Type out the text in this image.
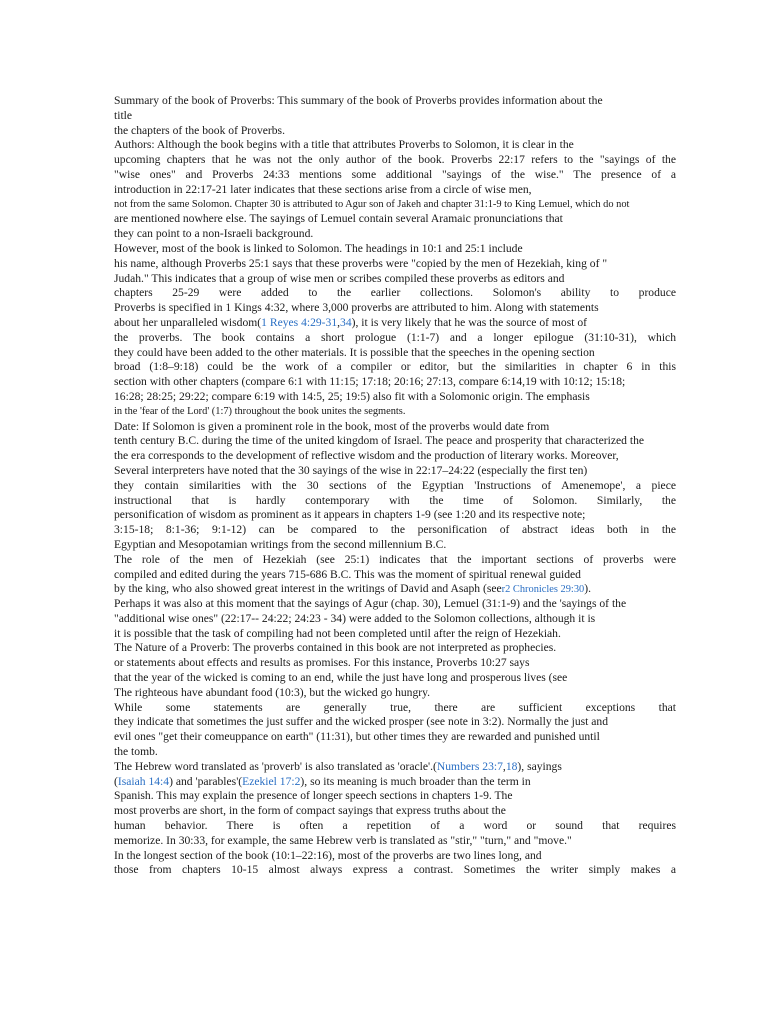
Summary of the book of Proverbs: This summary of the book of Proverbs provides information about the
title
the chapters of the book of Proverbs.
Authors: Although the book begins with a title that attributes Proverbs to Solomon, it is clear in the
upcoming chapters that he was not the only author of the book. Proverbs 22:17 refers to the "sayings of the
"wise ones" and Proverbs 24:33 mentions some additional "sayings of the wise." The presence of a
introduction in 22:17-21 later indicates that these sections arise from a circle of wise men,
not from the same Solomon. Chapter 30 is attributed to Agur son of Jakeh and chapter 31:1-9 to King Lemuel, which do not
are mentioned nowhere else. The sayings of Lemuel contain several Aramaic pronunciations that
they can point to a non-Israeli background.
However, most of the book is linked to Solomon. The headings in 10:1 and 25:1 include
his name, although Proverbs 25:1 says that these proverbs were "copied by the men of Hezekiah, king of "
Judah." This indicates that a group of wise men or scribes compiled these proverbs as editors and
chapters 25-29 were added to the earlier collections. Solomon's ability to produce
Proverbs is specified in 1 Kings 4:32, where 3,000 proverbs are attributed to him. Along with statements
about her unparalleled wisdom(1 Reyes 4:29-31,34), it is very likely that he was the source of most of
the proverbs. The book contains a short prologue (1:1-7) and a longer epilogue (31:10-31), which
they could have been added to the other materials. It is possible that the speeches in the opening section
broad (1:8–9:18) could be the work of a compiler or editor, but the similarities in chapter 6 in this
section with other chapters (compare 6:1 with 11:15; 17:18; 20:16; 27:13, compare 6:14,19 with 10:12; 15:18;
16:28; 28:25; 29:22; compare 6:19 with 14:5, 25; 19:5) also fit with a Solomonic origin. The emphasis
in the 'fear of the Lord' (1:7) throughout the book unites the segments.
Date: If Solomon is given a prominent role in the book, most of the proverbs would date from
tenth century B.C. during the time of the united kingdom of Israel. The peace and prosperity that characterized the
the era corresponds to the development of reflective wisdom and the production of literary works. Moreover,
Several interpreters have noted that the 30 sayings of the wise in 22:17–24:22 (especially the first ten)
they contain similarities with the 30 sections of the Egyptian 'Instructions of Amenemope', a piece
instructional that is hardly contemporary with the time of Solomon. Similarly, the
personification of wisdom as prominent as it appears in chapters 1-9 (see 1:20 and its respective note;
3:15-18; 8:1-36; 9:1-12) can be compared to the personification of abstract ideas both in the
Egyptian and Mesopotamian writings from the second millennium B.C.
The role of the men of Hezekiah (see 25:1) indicates that the important sections of proverbs were
compiled and edited during the years 715-686 B.C. This was the moment of spiritual renewal guided
by the king, who also showed great interest in the writings of David and Asaph (seer2 Chronicles 29:30).
Perhaps it was also at this moment that the sayings of Agur (chap. 30), Lemuel (31:1-9) and the 'sayings of the
"additional wise ones" (22:17-- 24:22; 24:23 - 34) were added to the Solomon collections, although it is
it is possible that the task of compiling had not been completed until after the reign of Hezekiah.
The Nature of a Proverb: The proverbs contained in this book are not interpreted as prophecies.
or statements about effects and results as promises. For this instance, Proverbs 10:27 says
that the year of the wicked is coming to an end, while the just have long and prosperous lives (see
The righteous have abundant food (10:3), but the wicked go hungry.
While some statements are generally true, there are sufficient exceptions that
they indicate that sometimes the just suffer and the wicked prosper (see note in 3:2). Normally the just and
evil ones "get their comeuppance on earth" (11:31), but other times they are rewarded and punished until
the tomb.
The Hebrew word translated as 'proverb' is also translated as 'oracle'.(Numbers 23:7,18), sayings
(Isaiah 14:4) and 'parables'(Ezekiel 17:2), so its meaning is much broader than the term in
Spanish. This may explain the presence of longer speech sections in chapters 1-9. The
most proverbs are short, in the form of compact sayings that express truths about the
human behavior. There is often a repetition of a word or sound that requires
memorize. In 30:33, for example, the same Hebrew verb is translated as "stir," "turn," and "move."
In the longest section of the book (10:1–22:16), most of the proverbs are two lines long, and
those from chapters 10-15 almost always express a contrast. Sometimes the writer simply makes a
